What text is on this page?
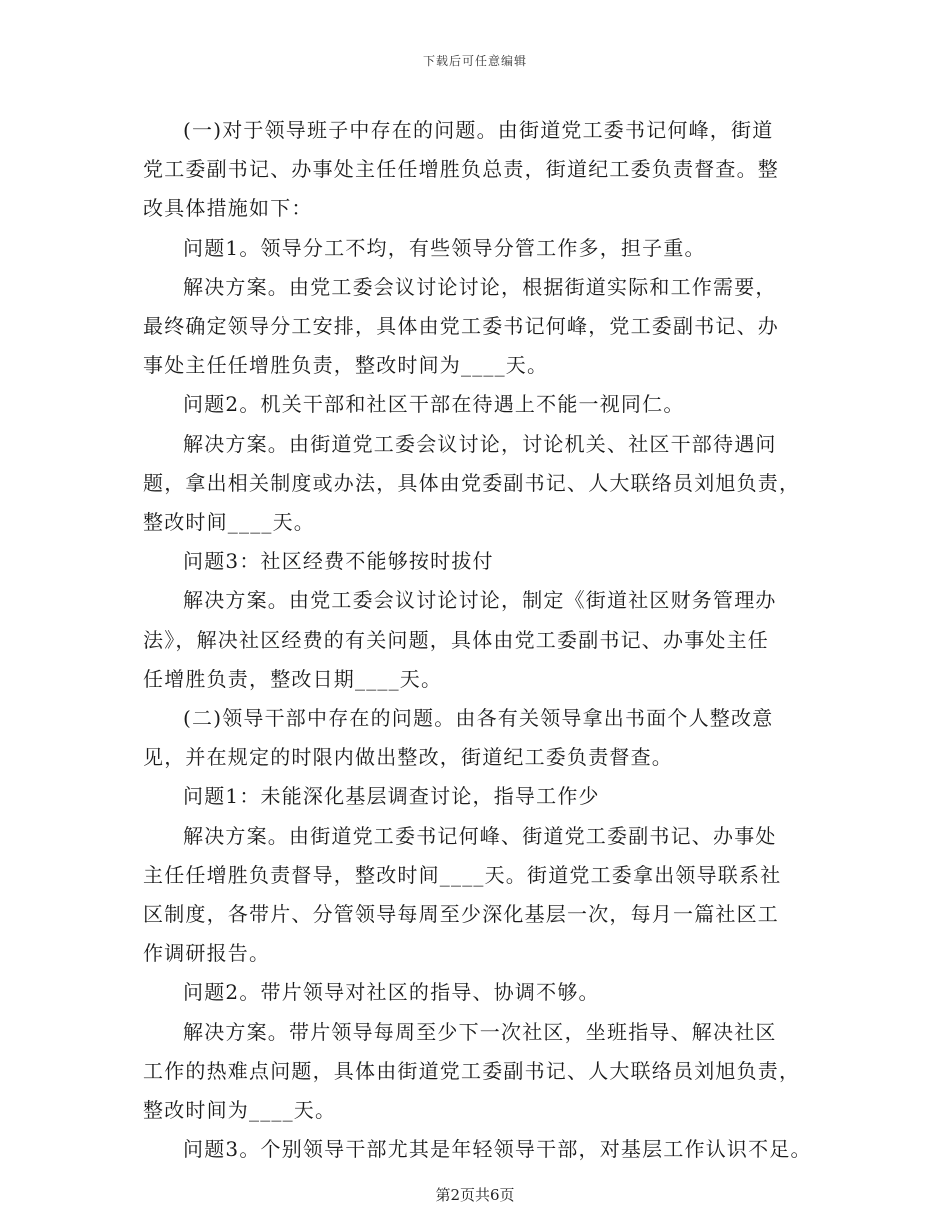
下载后可任意编辑

(一)对于领导班子中存在的问题。由街道党工委书记何峰，街道

党工委副书记、办事处主任任增胜负总责，街道纪工委负责督查。整

改具体措施如下：

问题1。领导分工不均，有些领导分管工作多，担子重。

解决方案。由党工委会议讨论讨论，根据街道实际和工作需要，

最终确定领导分工安排，具体由党工委书记何峰，党工委副书记、办

事处主任任增胜负责，整改时间为____天。

问题2。机关干部和社区干部在待遇上不能一视同仁。

解决方案。由街道党工委会议讨论，讨论机关、社区干部待遇问

题，拿出相关制度或办法，具体由党委副书记、人大联络员刘旭负责，

整改时间____天。

问题3：社区经费不能够按时拔付

解决方案。由党工委会议讨论讨论，制定《街道社区财务管理办

法》，解决社区经费的有关问题，具体由党工委副书记、办事处主任

任增胜负责，整改日期____天。

(二)领导干部中存在的问题。由各有关领导拿出书面个人整改意

见，并在规定的时限内做出整改，街道纪工委负责督查。

问题1：未能深化基层调查讨论，指导工作少

解决方案。由街道党工委书记何峰、街道党工委副书记、办事处

主任任增胜负责督导，整改时间____天。街道党工委拿出领导联系社

区制度，各带片、分管领导每周至少深化基层一次，每月一篇社区工

作调研报告。

问题2。带片领导对社区的指导、协调不够。

解决方案。带片领导每周至少下一次社区，坐班指导、解决社区

工作的热难点问题，具体由街道党工委副书记、人大联络员刘旭负责，

整改时间为____天。

问题3。个别领导干部尤其是年轻领导干部，对基层工作认识不足。

第2页共6页
